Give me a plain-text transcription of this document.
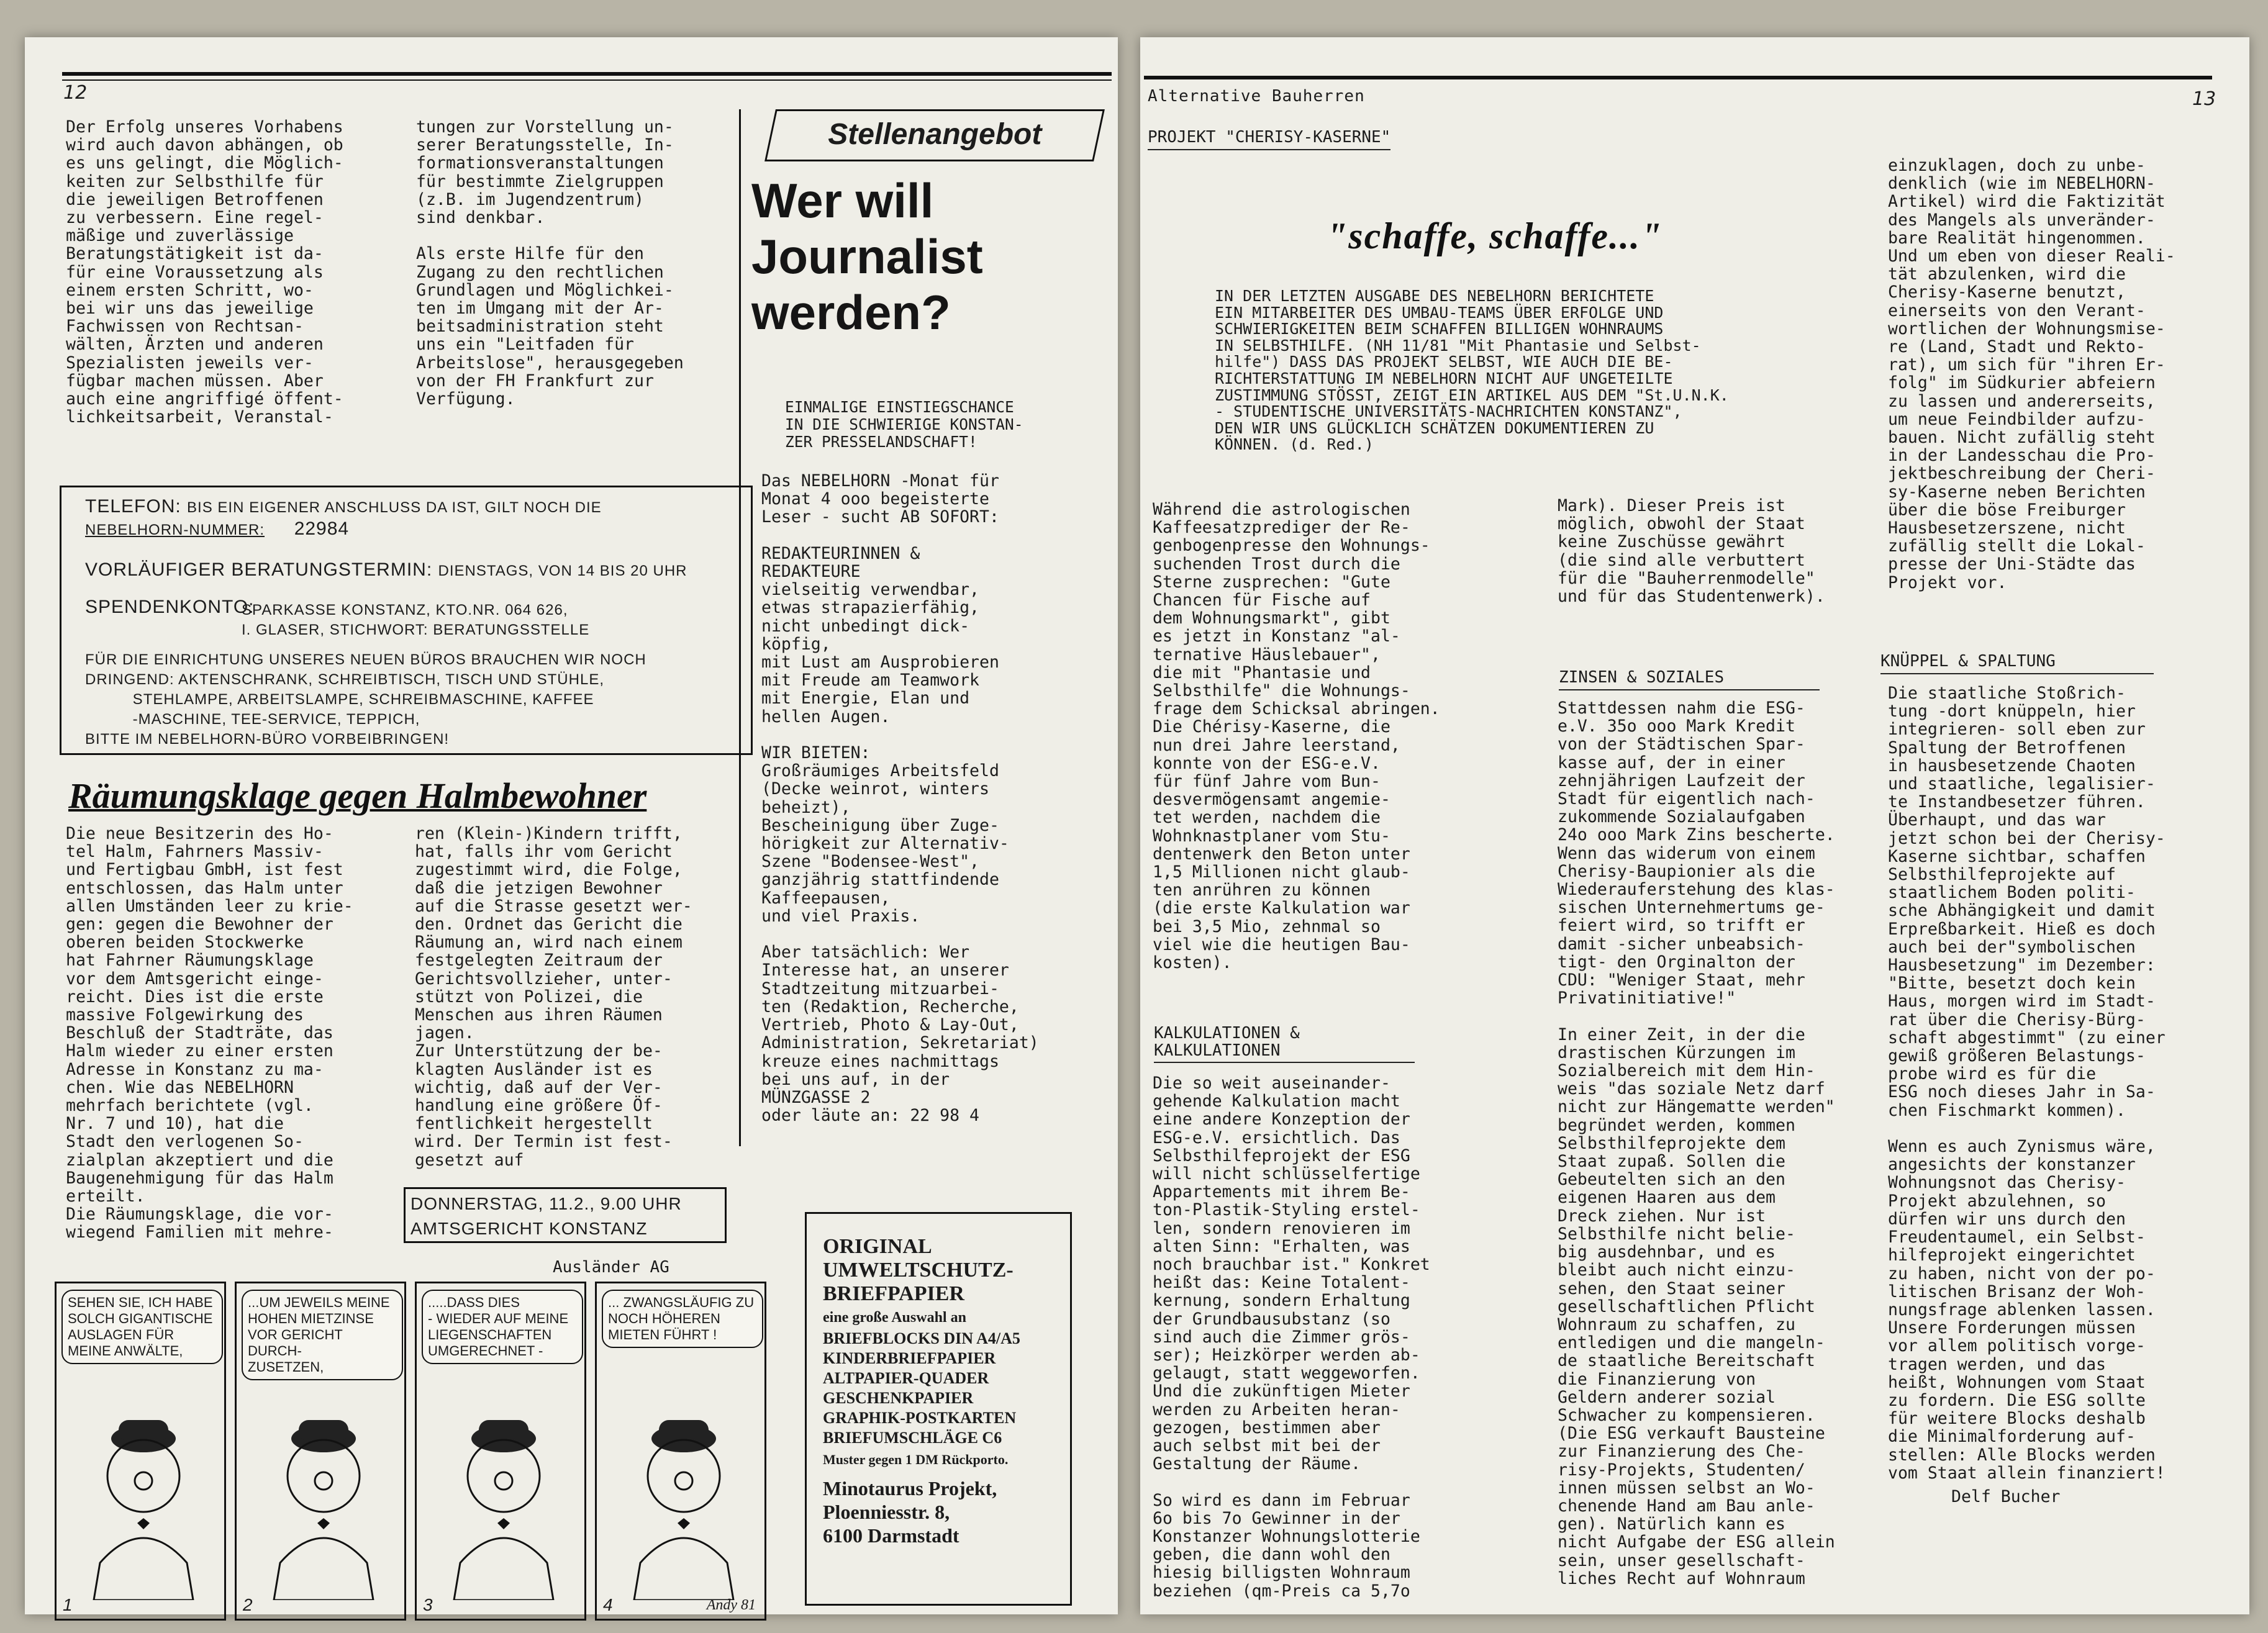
12
Der Erfolg unseres Vorhabens
wird auch davon abhängen, ob
es uns gelingt, die Möglich-
keiten zur Selbsthilfe für
die jeweiligen Betroffenen
zu verbessern. Eine regel-
mäßige und zuverlässige
Beratungstätigkeit ist da-
für eine Voraussetzung als
einem ersten Schritt, wo-
bei wir uns das jeweilige
Fachwissen von Rechtsan-
wälten, Ärzten und anderen
Spezialisten jeweils ver-
fügbar machen müssen. Aber
auch eine angriffigé öffent-
lichkeitsarbeit, Veranstal-
tungen zur Vorstellung un-
serer Beratungsstelle, In-
formationsveranstaltungen
für bestimmte Zielgruppen
(z.B. im Jugendzentrum)
sind denkbar.

Als erste Hilfe für den
Zugang zu den rechtlichen
Grundlagen und Möglichkei-
ten im Umgang mit der Ar-
beitsadministration steht
uns ein "Leitfaden für
Arbeitslose", herausgegeben
von der FH Frankfurt zur
Verfügung.
TELEFON: BIS EIN EIGENER ANSCHLUSS DA IST, GILT NOCH DIE
NEBELHORN-NUMMER: 22984
VORLÄUFIGER BERATUNGSTERMIN: DIENSTAGS, VON 14 BIS 20 UHR
SPENDENKONTO:
SPARKASSE KONSTANZ, KTO.NR. 064 626,
I. GLASER, STICHWORT: BERATUNGSSTELLE
FÜR DIE EINRICHTUNG UNSERES NEUEN BÜROS BRAUCHEN WIR NOCH
DRINGEND: AKTENSCHRANK, SCHREIBTISCH, TISCH UND STÜHLE,
STEHLAMPE, ARBEITSLAMPE, SCHREIBMASCHINE, KAFFEE
-MASCHINE, TEE-SERVICE, TEPPICH,
BITTE IM NEBELHORN-BÜRO VORBEIBRINGEN!
Räumungsklage gegen Halmbewohner
Die neue Besitzerin des Ho-
tel Halm, Fahrners Massiv-
und Fertigbau GmbH, ist fest
entschlossen, das Halm unter
allen Umständen leer zu krie-
gen: gegen die Bewohner der
oberen beiden Stockwerke
hat Fahrner Räumungsklage
vor dem Amtsgericht einge-
reicht. Dies ist die erste
massive Folgewirkung des
Beschluß der Stadträte, das
Halm wieder zu einer ersten
Adresse in Konstanz zu ma-
chen. Wie das NEBELHORN
mehrfach berichtete (vgl.
Nr. 7 und 10), hat die
Stadt den verlogenen So-
zialplan akzeptiert und die
Baugenehmigung für das Halm
erteilt.
Die Räumungsklage, die vor-
wiegend Familien mit mehre-
ren (Klein-)Kindern trifft,
hat, falls ihr vom Gericht
zugestimmt wird, die Folge,
daß die jetzigen Bewohner
auf die Strasse gesetzt wer-
den. Ordnet das Gericht die
Räumung an, wird nach einem
festgelegten Zeitraum der
Gerichtsvollzieher, unter-
stützt von Polizei, die
Menschen aus ihren Räumen
jagen.
Zur Unterstützung der be-
klagten Ausländer ist es
wichtig, daß auf der Ver-
handlung eine größere Öf-
fentlichkeit hergestellt
wird. Der Termin ist fest-
gesetzt auf
DONNERSTAG, 11.2., 9.00 UHR
AMTSGERICHT KONSTANZ
Ausländer AG
SEHEN SIE, ICH HABE
SOLCH GIGANTISCHE
AUSLAGEN FÜR
MEINE ANWÄLTE,
1
...UM JEWEILS MEINE
HOHEN MIETZINSE
VOR GERICHT DURCH-
ZUSETZEN,
2
.....DASS DIES
- WIEDER AUF MEINE
LIEGENSCHAFTEN
UMGERECHNET -
3
... ZWANGSLÄUFIG ZU
NOCH HÖHEREN
MIETEN FÜHRT !
4	Andy 81
Stellenangebot
Wer will
Journalist
werden?
EINMALIGE EINSTIEGSCHANCE
IN DIE SCHWIERIGE KONSTAN-
ZER PRESSELANDSCHAFT!
Das NEBELHORN -Monat für
Monat 4 ooo begeisterte
Leser - sucht AB SOFORT:

REDAKTEURINNEN &
REDAKTEURE
vielseitig verwendbar,
etwas strapazierfähig,
nicht unbedingt dick-
köpfig,
mit Lust am Ausprobieren
mit Freude am Teamwork
mit Energie, Elan und
hellen Augen.

WIR BIETEN:
Großräumiges Arbeitsfeld
(Decke weinrot, winters
beheizt),
Bescheinigung über Zuge-
hörigkeit zur Alternativ-
Szene "Bodensee-West",
ganzjährig stattfindende
Kaffeepausen,
und viel Praxis.

Aber tatsächlich: Wer
Interesse hat, an unserer
Stadtzeitung mitzuarbei-
ten (Redaktion, Recherche,
Vertrieb, Photo & Lay-Out,
Administration, Sekretariat)
kreuze eines nachmittags
bei uns auf, in der
MÜNZGASSE 2
oder läute an: 22 98 4
ORIGINAL
UMWELTSCHUTZ-
BRIEFPAPIER
eine große Auswahl an
BRIEFBLOCKS DIN A4/A5
KINDERBRIEFPAPIER
ALTPAPIER-QUADER
GESCHENKPAPIER
GRAPHIK-POSTKARTEN
BRIEFUMSCHLÄGE C6
Muster gegen 1 DM Rückporto.
Minotaurus Projekt,
Ploenniesstr. 8,
6100 Darmstadt
Alternative Bauherren	13
PROJEKT "CHERISY-KASERNE"
"schaffe, schaffe..."
IN DER LETZTEN AUSGABE DES NEBELHORN BERICHTETE
EIN MITARBEITER DES UMBAU-TEAMS ÜBER ERFOLGE UND
SCHWIERIGKEITEN BEIM SCHAFFEN BILLIGEN WOHNRAUMS
IN SELBSTHILFE. (NH 11/81 "Mit Phantasie und Selbst-
hilfe") DASS DAS PROJEKT SELBST, WIE AUCH DIE BE-
RICHTERSTATTUNG IM NEBELHORN NICHT AUF UNGETEILTE
ZUSTIMMUNG STÖSST, ZEIGT EIN ARTIKEL AUS DEM "St.U.N.K.
- STUDENTISCHE UNIVERSITÄTS-NACHRICHTEN KONSTANZ",
DEN WIR UNS GLÜCKLICH SCHÄTZEN DOKUMENTIEREN ZU
KÖNNEN. (d. Red.)
Während die astrologischen
Kaffeesatzprediger der Re-
genbogenpresse den Wohnungs-
suchenden Trost durch die
Sterne zusprechen: "Gute
Chancen für Fische auf
dem Wohnungsmarkt", gibt
es jetzt in Konstanz "al-
ternative Häuslebauer",
die mit "Phantasie und
Selbsthilfe" die Wohnungs-
frage dem Schicksal abringen.
Die Chérisy-Kaserne, die
nun drei Jahre leerstand,
konnte von der ESG-e.V.
für fünf Jahre vom Bun-
desvermögensamt angemie-
tet werden, nachdem die
Wohnknastplaner vom Stu-
dentenwerk den Beton unter
1,5 Millionen nicht glaub-
ten anrühren zu können
(die erste Kalkulation war
bei 3,5 Mio, zehnmal so
viel wie die heutigen Bau-
kosten).
KALKULATIONEN &
KALKULATIONEN
Die so weit auseinander-
gehende Kalkulation macht
eine andere Konzeption der
ESG-e.V. ersichtlich. Das
Selbsthilfeprojekt der ESG
will nicht schlüsselfertige
Appartements mit ihrem Be-
ton-Plastik-Styling erstel-
len, sondern renovieren im
alten Sinn: "Erhalten, was
noch brauchbar ist." Konkret
heißt das: Keine Totalent-
kernung, sondern Erhaltung
der Grundbausubstanz (so
sind auch die Zimmer grös-
ser); Heizkörper werden ab-
gelaugt, statt weggeworfen.
Und die zukünftigen Mieter
werden zu Arbeiten heran-
gezogen, bestimmen aber
auch selbst mit bei der
Gestaltung der Räume.

So wird es dann im Februar
6o bis 7o Gewinner in der
Konstanzer Wohnungslotterie
geben, die dann wohl den
hiesig billigsten Wohnraum
beziehen (qm-Preis ca 5,7o
Mark). Dieser Preis ist
möglich, obwohl der Staat
keine Zuschüsse gewährt
(die sind alle verbuttert
für die "Bauherrenmodelle"
und für das Studentenwerk).
ZINSEN & SOZIALES
Stattdessen nahm die ESG-
e.V. 35o ooo Mark Kredit
von der Städtischen Spar-
kasse auf, der in einer
zehnjährigen Laufzeit der
Stadt für eigentlich nach-
zukommende Sozialaufgaben
24o ooo Mark Zins bescherte.
Wenn das widerum von einem
Cherisy-Baupionier als die
Wiederauferstehung des klas-
sischen Unternehmertums ge-
feiert wird, so trifft er
damit -sicher unbeabsich-
tigt- den Orginalton der
CDU: "Weniger Staat, mehr
Privatinitiative!"

In einer Zeit, in der die
drastischen Kürzungen im
Sozialbereich mit dem Hin-
weis "das soziale Netz darf
nicht zur Hängematte werden"
begründet werden, kommen
Selbsthilfeprojekte dem
Staat zupaß. Sollen die
Gebeutelten sich an den
eigenen Haaren aus dem
Dreck ziehen. Nur ist
Selbsthilfe nicht belie-
big ausdehnbar, und es
bleibt auch nicht einzu-
sehen, den Staat seiner
gesellschaftlichen Pflicht
Wohnraum zu schaffen, zu
entledigen und die mangeln-
de staatliche Bereitschaft
die Finanzierung von
Geldern anderer sozial
Schwacher zu kompensieren.
(Die ESG verkauft Bausteine
zur Finanzierung des Che-
risy-Projekts, Studenten/
innen müssen selbst an Wo-
chenende Hand am Bau anle-
gen). Natürlich kann es
nicht Aufgabe der ESG allein
sein, unser gesellschaft-
liches Recht auf Wohnraum
einzuklagen, doch zu unbe-
denklich (wie im NEBELHORN-
Artikel) wird die Faktizität
des Mangels als unveränder-
bare Realität hingenommen.
Und um eben von dieser Reali-
tät abzulenken, wird die
Cherisy-Kaserne benutzt,
einerseits von den Verant-
wortlichen der Wohnungsmise-
re (Land, Stadt und Rekto-
rat), um sich für "ihren Er-
folg" im Südkurier abfeiern
zu lassen und andererseits,
um neue Feindbilder aufzu-
bauen. Nicht zufällig steht
in der Landesschau die Pro-
jektbeschreibung der Cheri-
sy-Kaserne neben Berichten
über die böse Freiburger
Hausbesetzerszene, nicht
zufällig stellt die Lokal-
presse der Uni-Städte das
Projekt vor.
KNÜPPEL & SPALTUNG
Die staatliche Stoßrich-
tung -dort knüppeln, hier
integrieren- soll eben zur
Spaltung der Betroffenen
in hausbesetzende Chaoten
und staatliche, legalisier-
te Instandbesetzer führen.
Überhaupt, und das war
jetzt schon bei der Cherisy-
Kaserne sichtbar, schaffen
Selbsthilfeprojekte auf
staatlichem Boden politi-
sche Abhängigkeit und damit
Erpreßbarkeit. Hieß es doch
auch bei der"symbolischen
Hausbesetzung" im Dezember:
"Bitte, besetzt doch kein
Haus, morgen wird im Stadt-
rat über die Cherisy-Bürg-
schaft abgestimmt" (zu einer
gewiß größeren Belastungs-
probe wird es für die
ESG noch dieses Jahr in Sa-
chen Fischmarkt kommen).

Wenn es auch Zynismus wäre,
angesichts der konstanzer
Wohnungsnot das Cherisy-
Projekt abzulehnen, so
dürfen wir uns durch den
Freudentaumel, ein Selbst-
hilfeprojekt eingerichtet
zu haben, nicht von der po-
litischen Brisanz der Woh-
nungsfrage ablenken lassen.
Unsere Forderungen müssen
vor allem politisch vorge-
tragen werden, und das
heißt, Wohnungen vom Staat
zu fordern. Die ESG sollte
für weitere Blocks deshalb
die Minimalforderung auf-
stellen: Alle Blocks werden
vom Staat allein finanziert!
Delf Bucher
